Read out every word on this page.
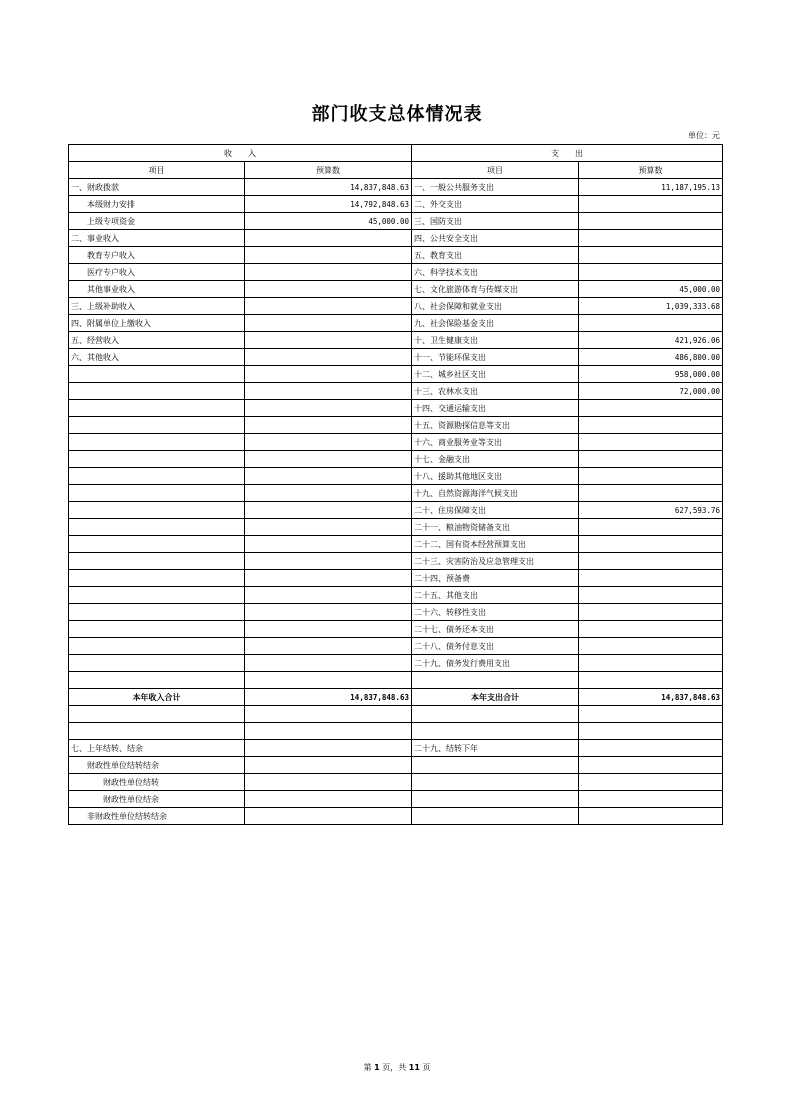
部门收支总体情况表
单位：元
收　　入		支　　出	
项目	预算数	项目	预算数
一、财政拨款	14,837,848.63	一、一般公共服务支出	11,187,195.13
本级财力安排	14,792,848.63	二、外交支出	
上级专项资金	45,000.00	三、国防支出	
二、事业收入		四、公共安全支出	
教育专户收入		五、教育支出	
医疗专户收入		六、科学技术支出	
其他事业收入		七、文化旅游体育与传媒支出	45,000.00
三、上级补助收入		八、社会保障和就业支出	1,039,333.68
四、附属单位上缴收入		九、社会保险基金支出	
五、经营收入		十、卫生健康支出	421,926.06
六、其他收入		十一、节能环保支出	486,800.00
		十二、城乡社区支出	958,000.00
		十三、农林水支出	72,000.00
		十四、交通运输支出	
		十五、资源勘探信息等支出	
		十六、商业服务业等支出	
		十七、金融支出	
		十八、援助其他地区支出	
		十九、自然资源海洋气候支出	
		二十、住房保障支出	627,593.76
		二十一、粮油物资储备支出	
		二十二、国有资本经营预算支出	
		二十三、灾害防治及应急管理支出	
		二十四、预备费	
		二十五、其他支出	
		二十六、转移性支出	
		二十七、债务还本支出	
		二十八、债务付息支出	
		二十九、债务发行费用支出	

本年收入合计	14,837,848.63	本年支出合计	14,837,848.63

七、上年结转、结余		二十九、结转下年	
财政性单位结转结余			
财政性单位结转			
财政性单位结余			
非财政性单位结转结余			
第 1 页，共 11 页
